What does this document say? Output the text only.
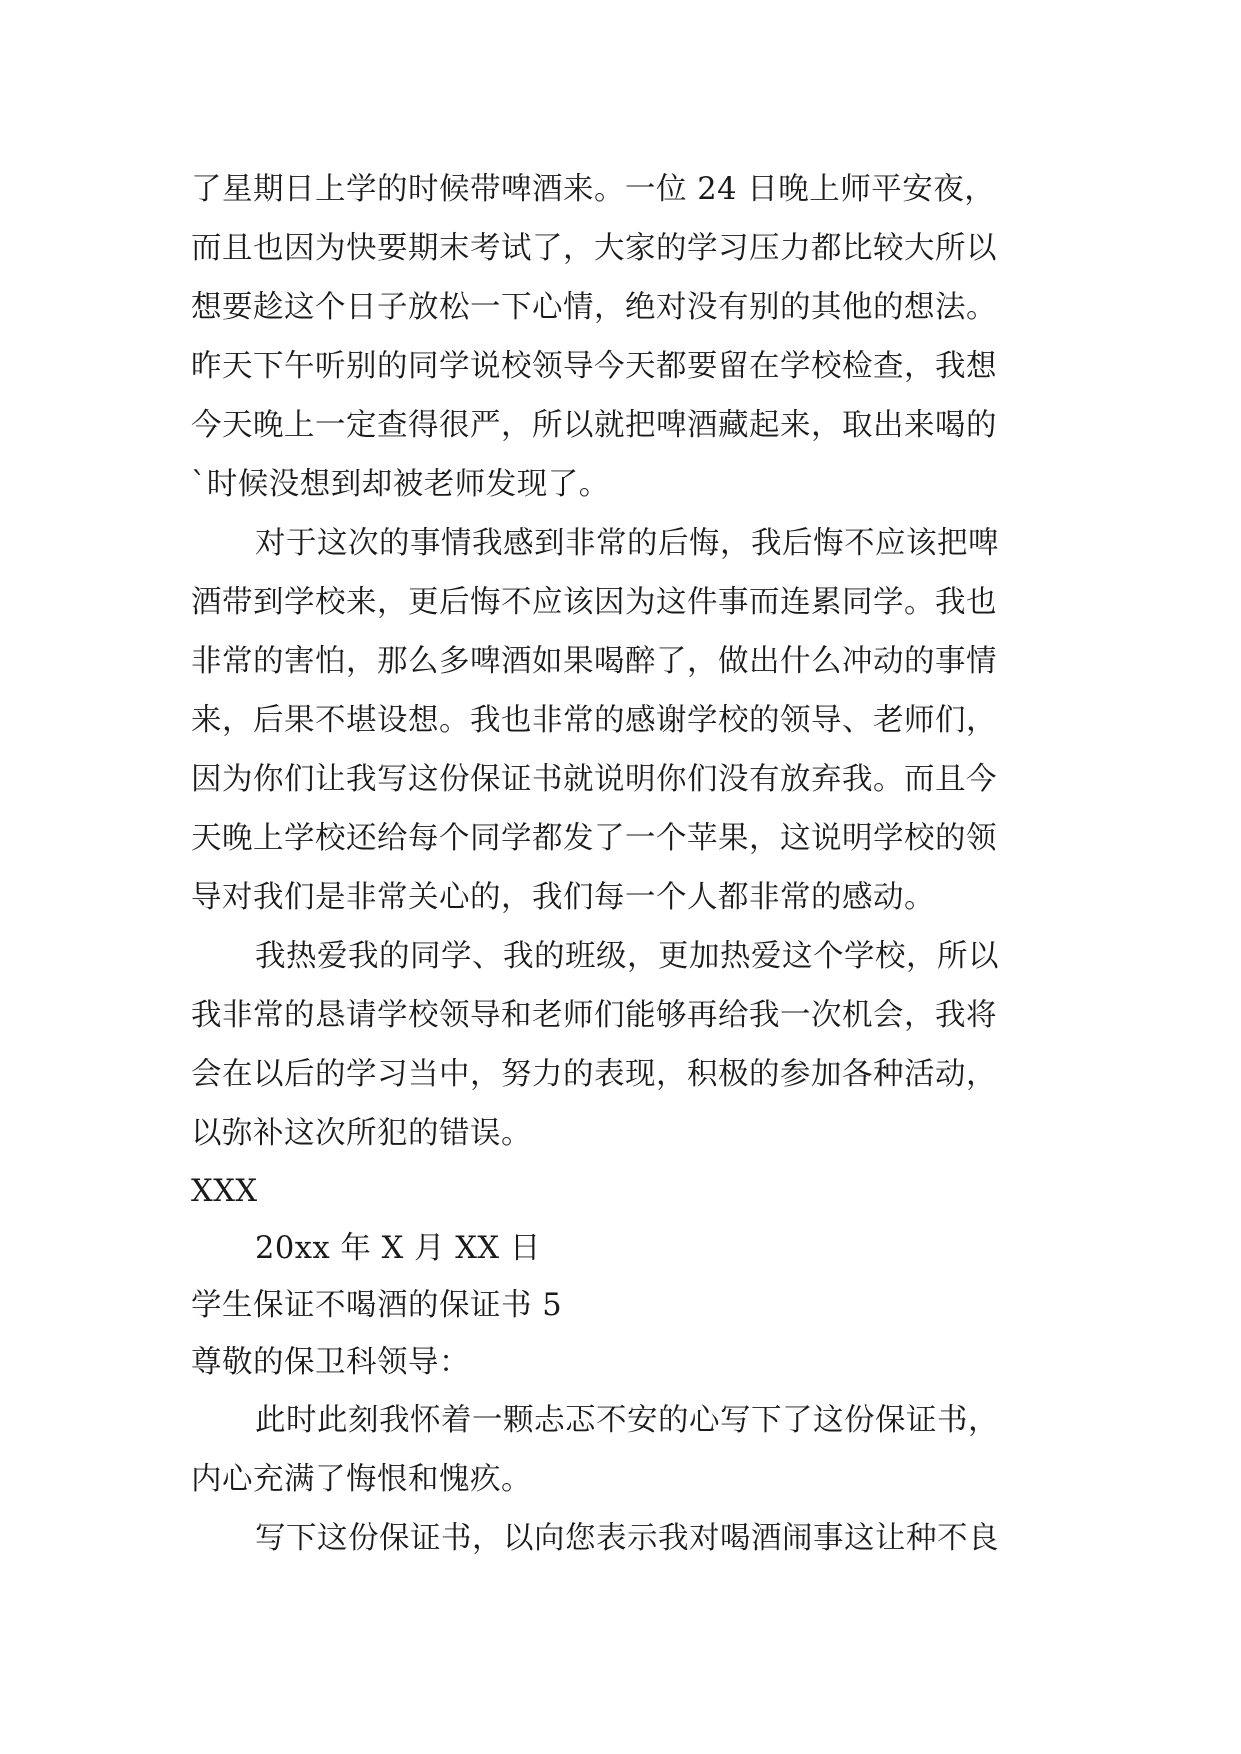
了星期日上学的时候带啤酒来。一位 24 日晚上师平安夜，
而且也因为快要期末考试了，大家的学习压力都比较大所以
想要趁这个日子放松一下心情，绝对没有别的其他的想法。
昨天下午听别的同学说校领导今天都要留在学校检查，我想
今天晚上一定查得很严，所以就把啤酒藏起来，取出来喝的
`时候没想到却被老师发现了。
对于这次的事情我感到非常的后悔，我后悔不应该把啤
酒带到学校来，更后悔不应该因为这件事而连累同学。我也
非常的害怕，那么多啤酒如果喝醉了，做出什么冲动的事情
来，后果不堪设想。我也非常的感谢学校的领导、老师们，
因为你们让我写这份保证书就说明你们没有放弃我。而且今
天晚上学校还给每个同学都发了一个苹果，这说明学校的领
导对我们是非常关心的，我们每一个人都非常的感动。
我热爱我的同学、我的班级，更加热爱这个学校，所以
我非常的恳请学校领导和老师们能够再给我一次机会，我将
会在以后的学习当中，努力的表现，积极的参加各种活动，
以弥补这次所犯的错误。
XXX
20xx 年 X 月 XX 日
学生保证不喝酒的保证书 5
尊敬的保卫科领导：
此时此刻我怀着一颗忐忑不安的心写下了这份保证书，
内心充满了悔恨和愧疚。
写下这份保证书，以向您表示我对喝酒闹事这让种不良
